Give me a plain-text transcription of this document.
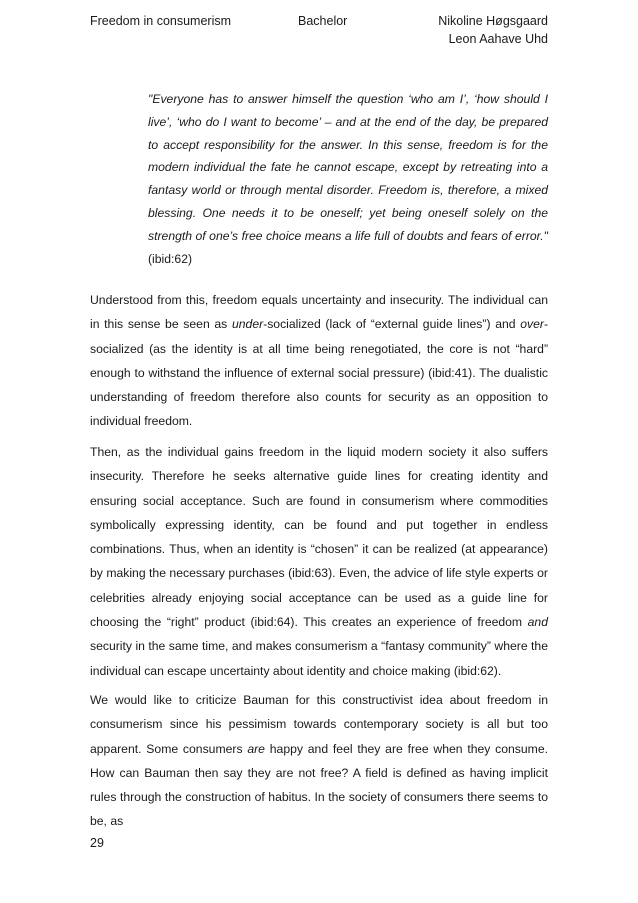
Freedom in consumerism	Bachelor	Nikoline Høgsgaard
Leon Aahave Uhd
"Everyone has to answer himself the question ‘who am I’, ‘how should I live’, ‘who do I want to become’ – and at the end of the day, be prepared to accept responsibility for the answer. In this sense, freedom is for the modern individual the fate he cannot escape, except by retreating into a fantasy world or through mental disorder. Freedom is, therefore, a mixed blessing. One needs it to be oneself; yet being oneself solely on the strength of one’s free choice means a life full of doubts and fears of error." (ibid:62)
Understood from this, freedom equals uncertainty and insecurity. The individual can in this sense be seen as under-socialized (lack of “external guide lines”) and over-socialized (as the identity is at all time being renegotiated, the core is not “hard” enough to withstand the influence of external social pressure) (ibid:41). The dualistic understanding of freedom therefore also counts for security as an opposition to individual freedom.
Then, as the individual gains freedom in the liquid modern society it also suffers insecurity. Therefore he seeks alternative guide lines for creating identity and ensuring social acceptance. Such are found in consumerism where commodities symbolically expressing identity, can be found and put together in endless combinations. Thus, when an identity is “chosen” it can be realized (at appearance) by making the necessary purchases (ibid:63). Even, the advice of life style experts or celebrities already enjoying social acceptance can be used as a guide line for choosing the “right” product (ibid:64). This creates an experience of freedom and security in the same time, and makes consumerism a “fantasy community” where the individual can escape uncertainty about identity and choice making (ibid:62).
We would like to criticize Bauman for this constructivist idea about freedom in consumerism since his pessimism towards contemporary society is all but too apparent. Some consumers are happy and feel they are free when they consume. How can Bauman then say they are not free? A field is defined as having implicit rules through the construction of habitus. In the society of consumers there seems to be, as
29
